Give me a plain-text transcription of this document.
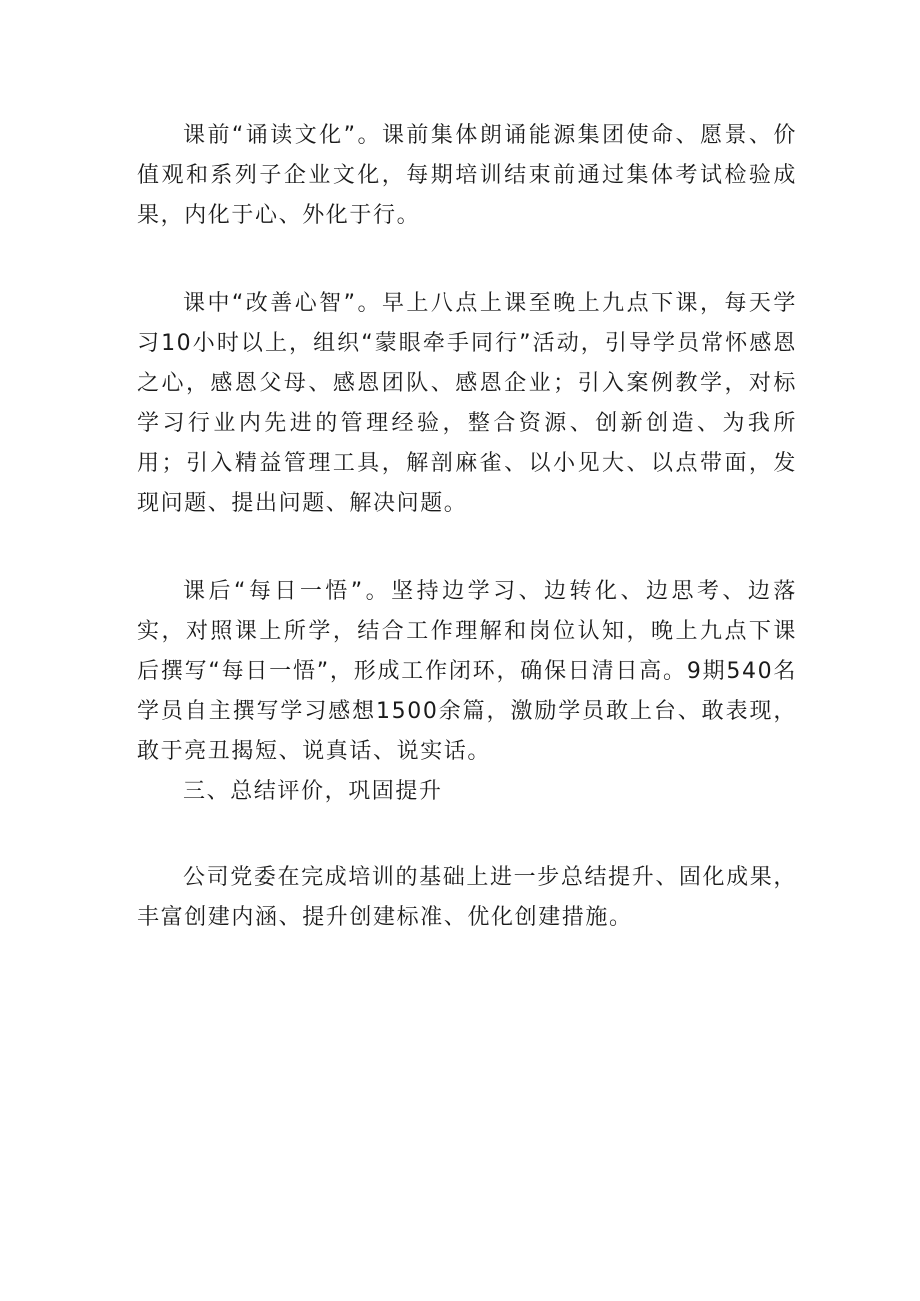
课前“诵读文化”。课前集体朗诵能源集团使命、愿景、价值观和系列子企业文化，每期培训结束前通过集体考试检验成果，内化于心、外化于行。

课中“改善心智”。早上八点上课至晚上九点下课，每天学习10小时以上，组织“蒙眼牵手同行”活动，引导学员常怀感恩之心，感恩父母、感恩团队、感恩企业；引入案例教学，对标学习行业内先进的管理经验，整合资源、创新创造、为我所用；引入精益管理工具，解剖麻雀、以小见大、以点带面，发现问题、提出问题、解决问题。

课后“每日一悟”。坚持边学习、边转化、边思考、边落实，对照课上所学，结合工作理解和岗位认知，晚上九点下课后撰写“每日一悟”，形成工作闭环，确保日清日高。9期540名学员自主撰写学习感想1500余篇，激励学员敢上台、敢表现，敢于亮丑揭短、说真话、说实话。

三、总结评价，巩固提升

公司党委在完成培训的基础上进一步总结提升、固化成果，丰富创建内涵、提升创建标准、优化创建措施。
